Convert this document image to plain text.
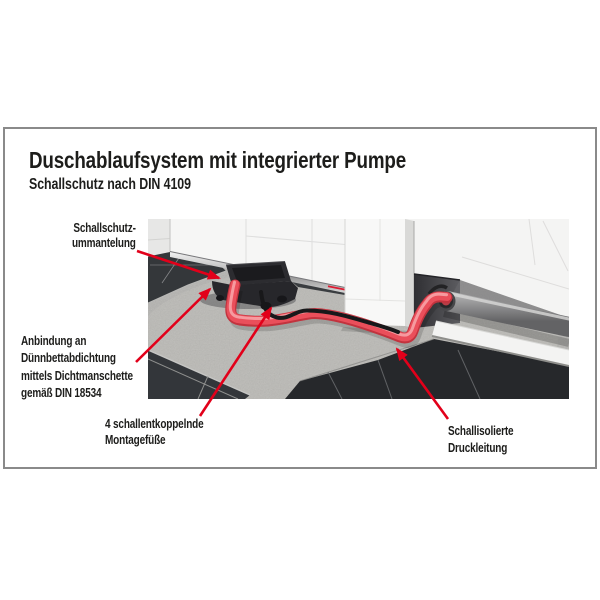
Duschablaufsystem mit integrierter Pumpe
Schallschutz nach DIN 4109
Schallschutz-
ummantelung
Anbindung an
Dünnbettabdichtung
mittels Dichtmanschette
gemäß DIN 18534
4 schallentkoppelnde
Montagefüße
Schallisolierte
Druckleitung
